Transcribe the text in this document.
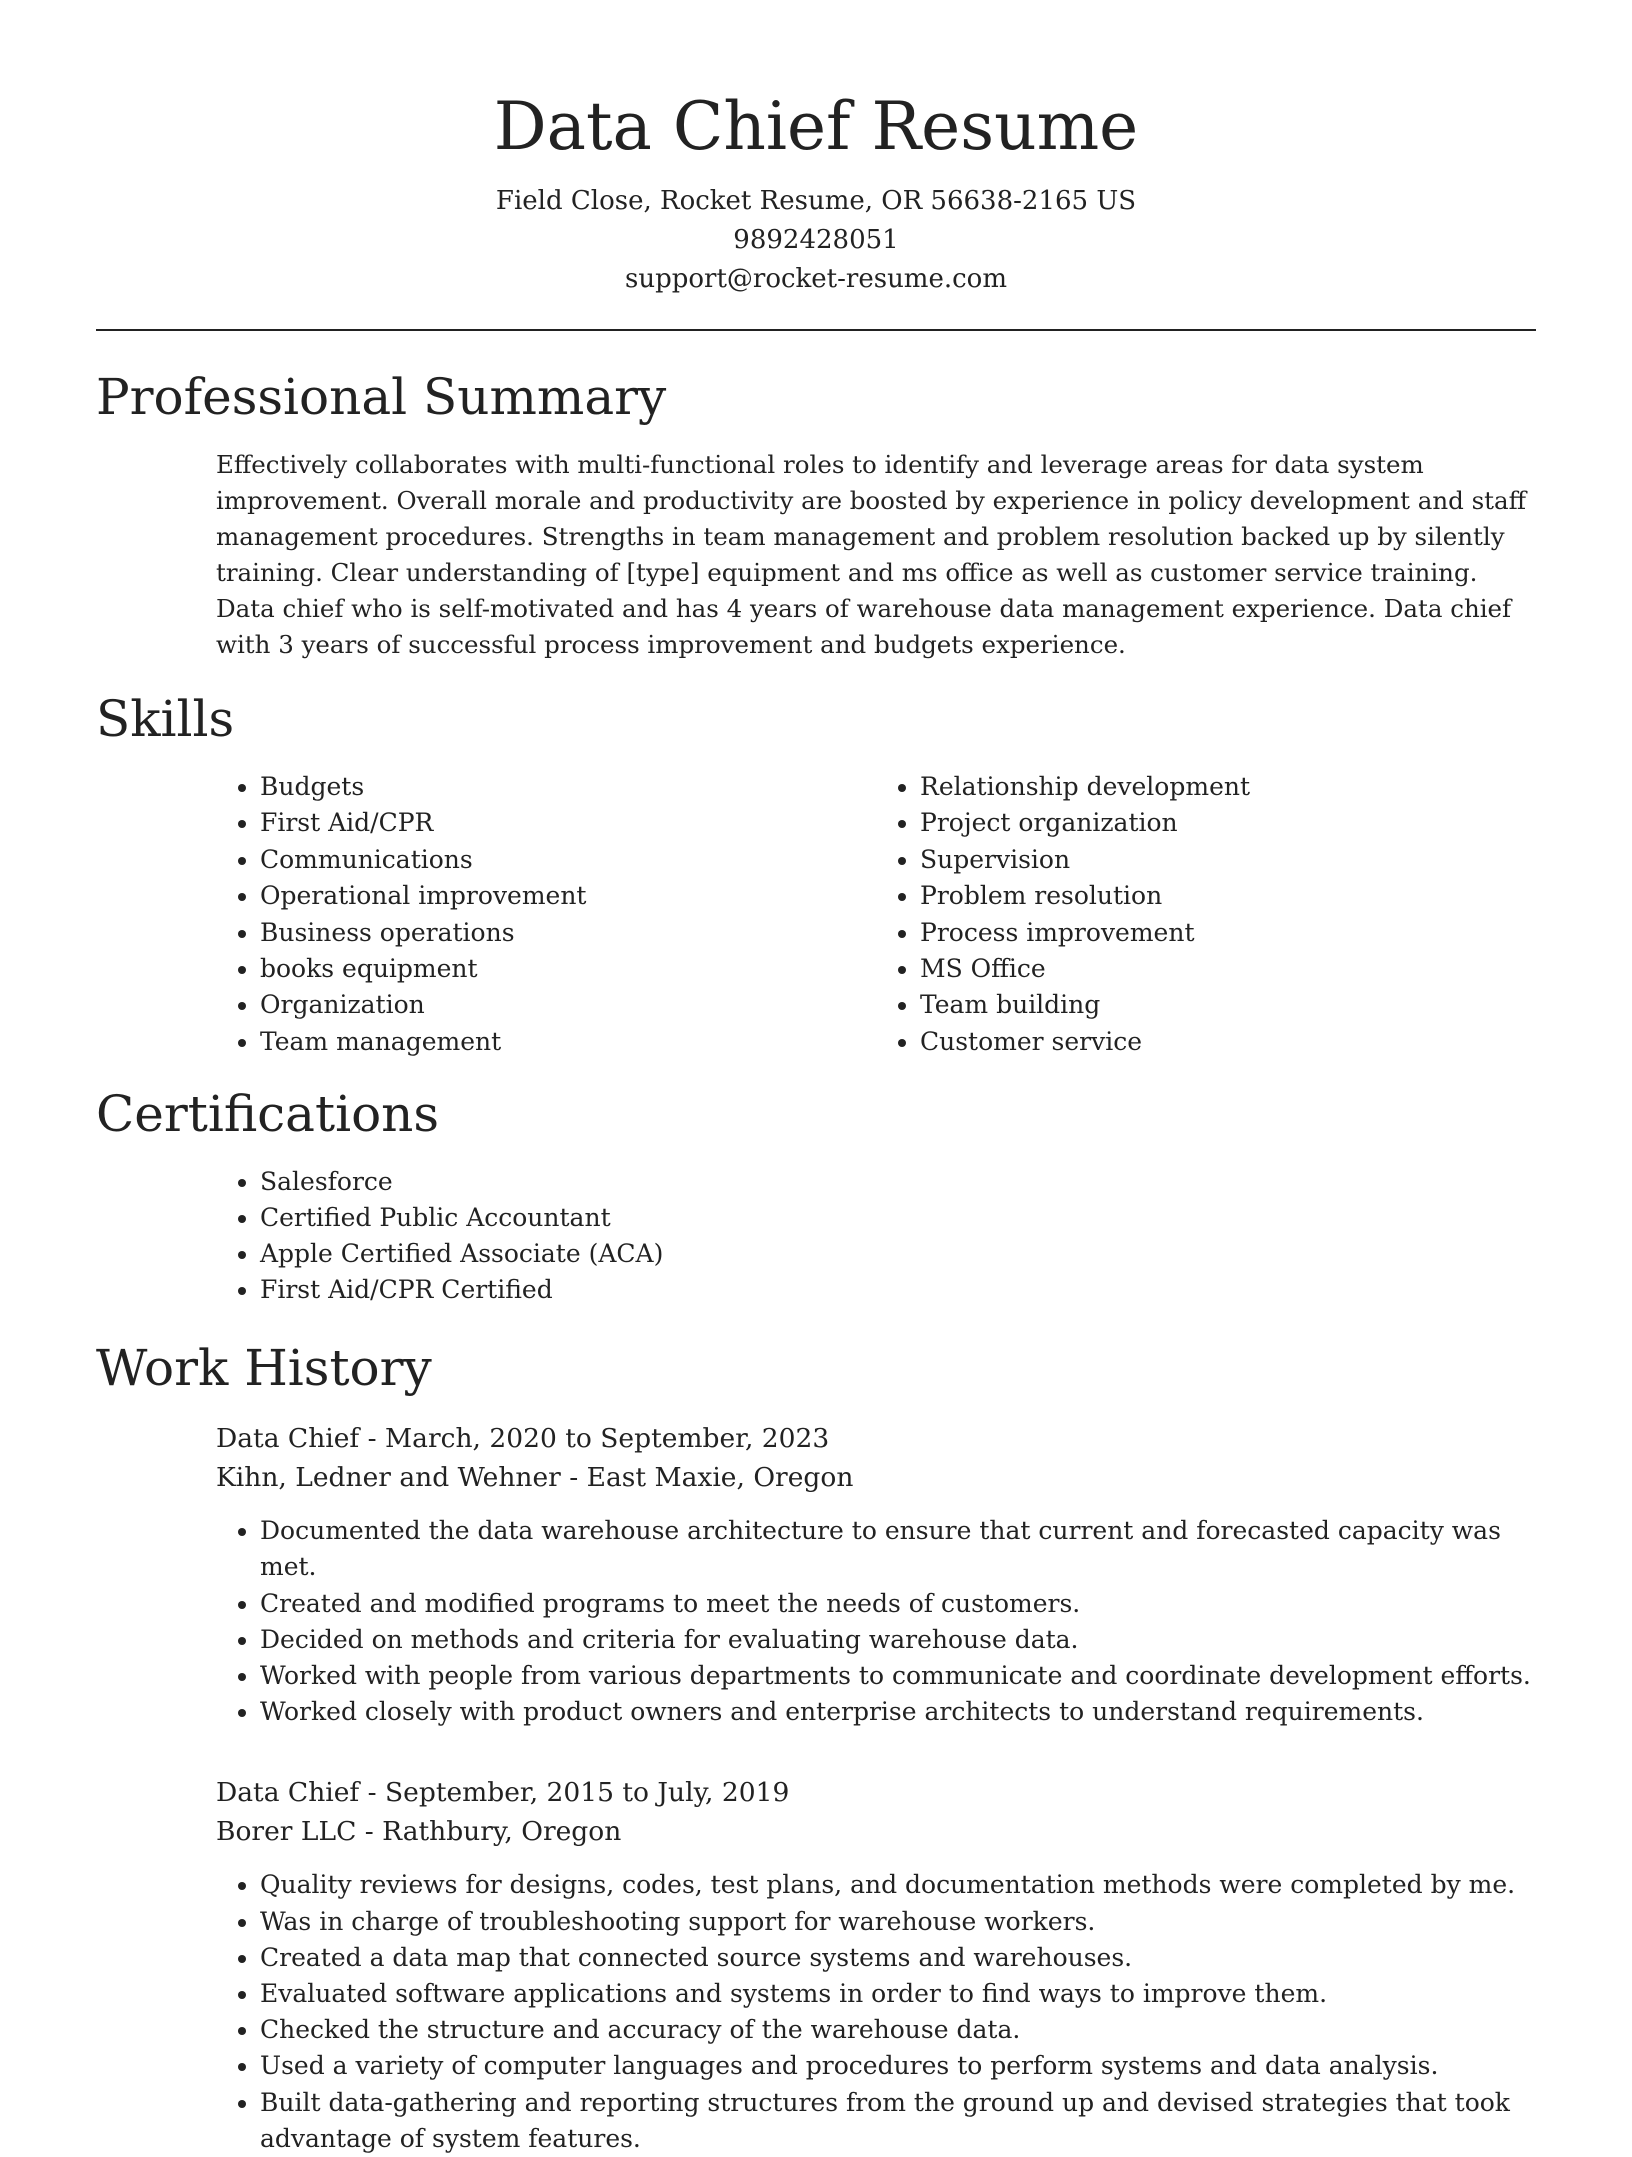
Data Chief Resume
Field Close, Rocket Resume, OR 56638-2165 US
9892428051
support@rocket-resume.com
Professional Summary

Effectively collaborates with multi-functional roles to identify and leverage areas for data system improvement. Overall morale and productivity are boosted by experience in policy development and staff management procedures. Strengths in team management and problem resolution backed up by silently training. Clear understanding of [type] equipment and ms office as well as customer service training. Data chief who is self-motivated and has 4 years of warehouse data management experience. Data chief with 3 years of successful process improvement and budgets experience.

Skills
• Budgets
• First Aid/CPR
• Communications
• Operational improvement
• Business operations
• books equipment
• Organization
• Team management
• Relationship development
• Project organization
• Supervision
• Problem resolution
• Process improvement
• MS Office
• Team building
• Customer service
Certifications
• Salesforce
• Certified Public Accountant
• Apple Certified Associate (ACA)
• First Aid/CPR Certified
Work History
Data Chief - March, 2020 to September, 2023
Kihn, Ledner and Wehner - East Maxie, Oregon
• Documented the data warehouse architecture to ensure that current and forecasted capacity was met.
• Created and modified programs to meet the needs of customers.
• Decided on methods and criteria for evaluating warehouse data.
• Worked with people from various departments to communicate and coordinate development efforts.
• Worked closely with product owners and enterprise architects to understand requirements.
Data Chief - September, 2015 to July, 2019
Borer LLC - Rathbury, Oregon
• Quality reviews for designs, codes, test plans, and documentation methods were completed by me.
• Was in charge of troubleshooting support for warehouse workers.
• Created a data map that connected source systems and warehouses.
• Evaluated software applications and systems in order to find ways to improve them.
• Checked the structure and accuracy of the warehouse data.
• Used a variety of computer languages and procedures to perform systems and data analysis.
• Built data-gathering and reporting structures from the ground up and devised strategies that took advantage of system features.
